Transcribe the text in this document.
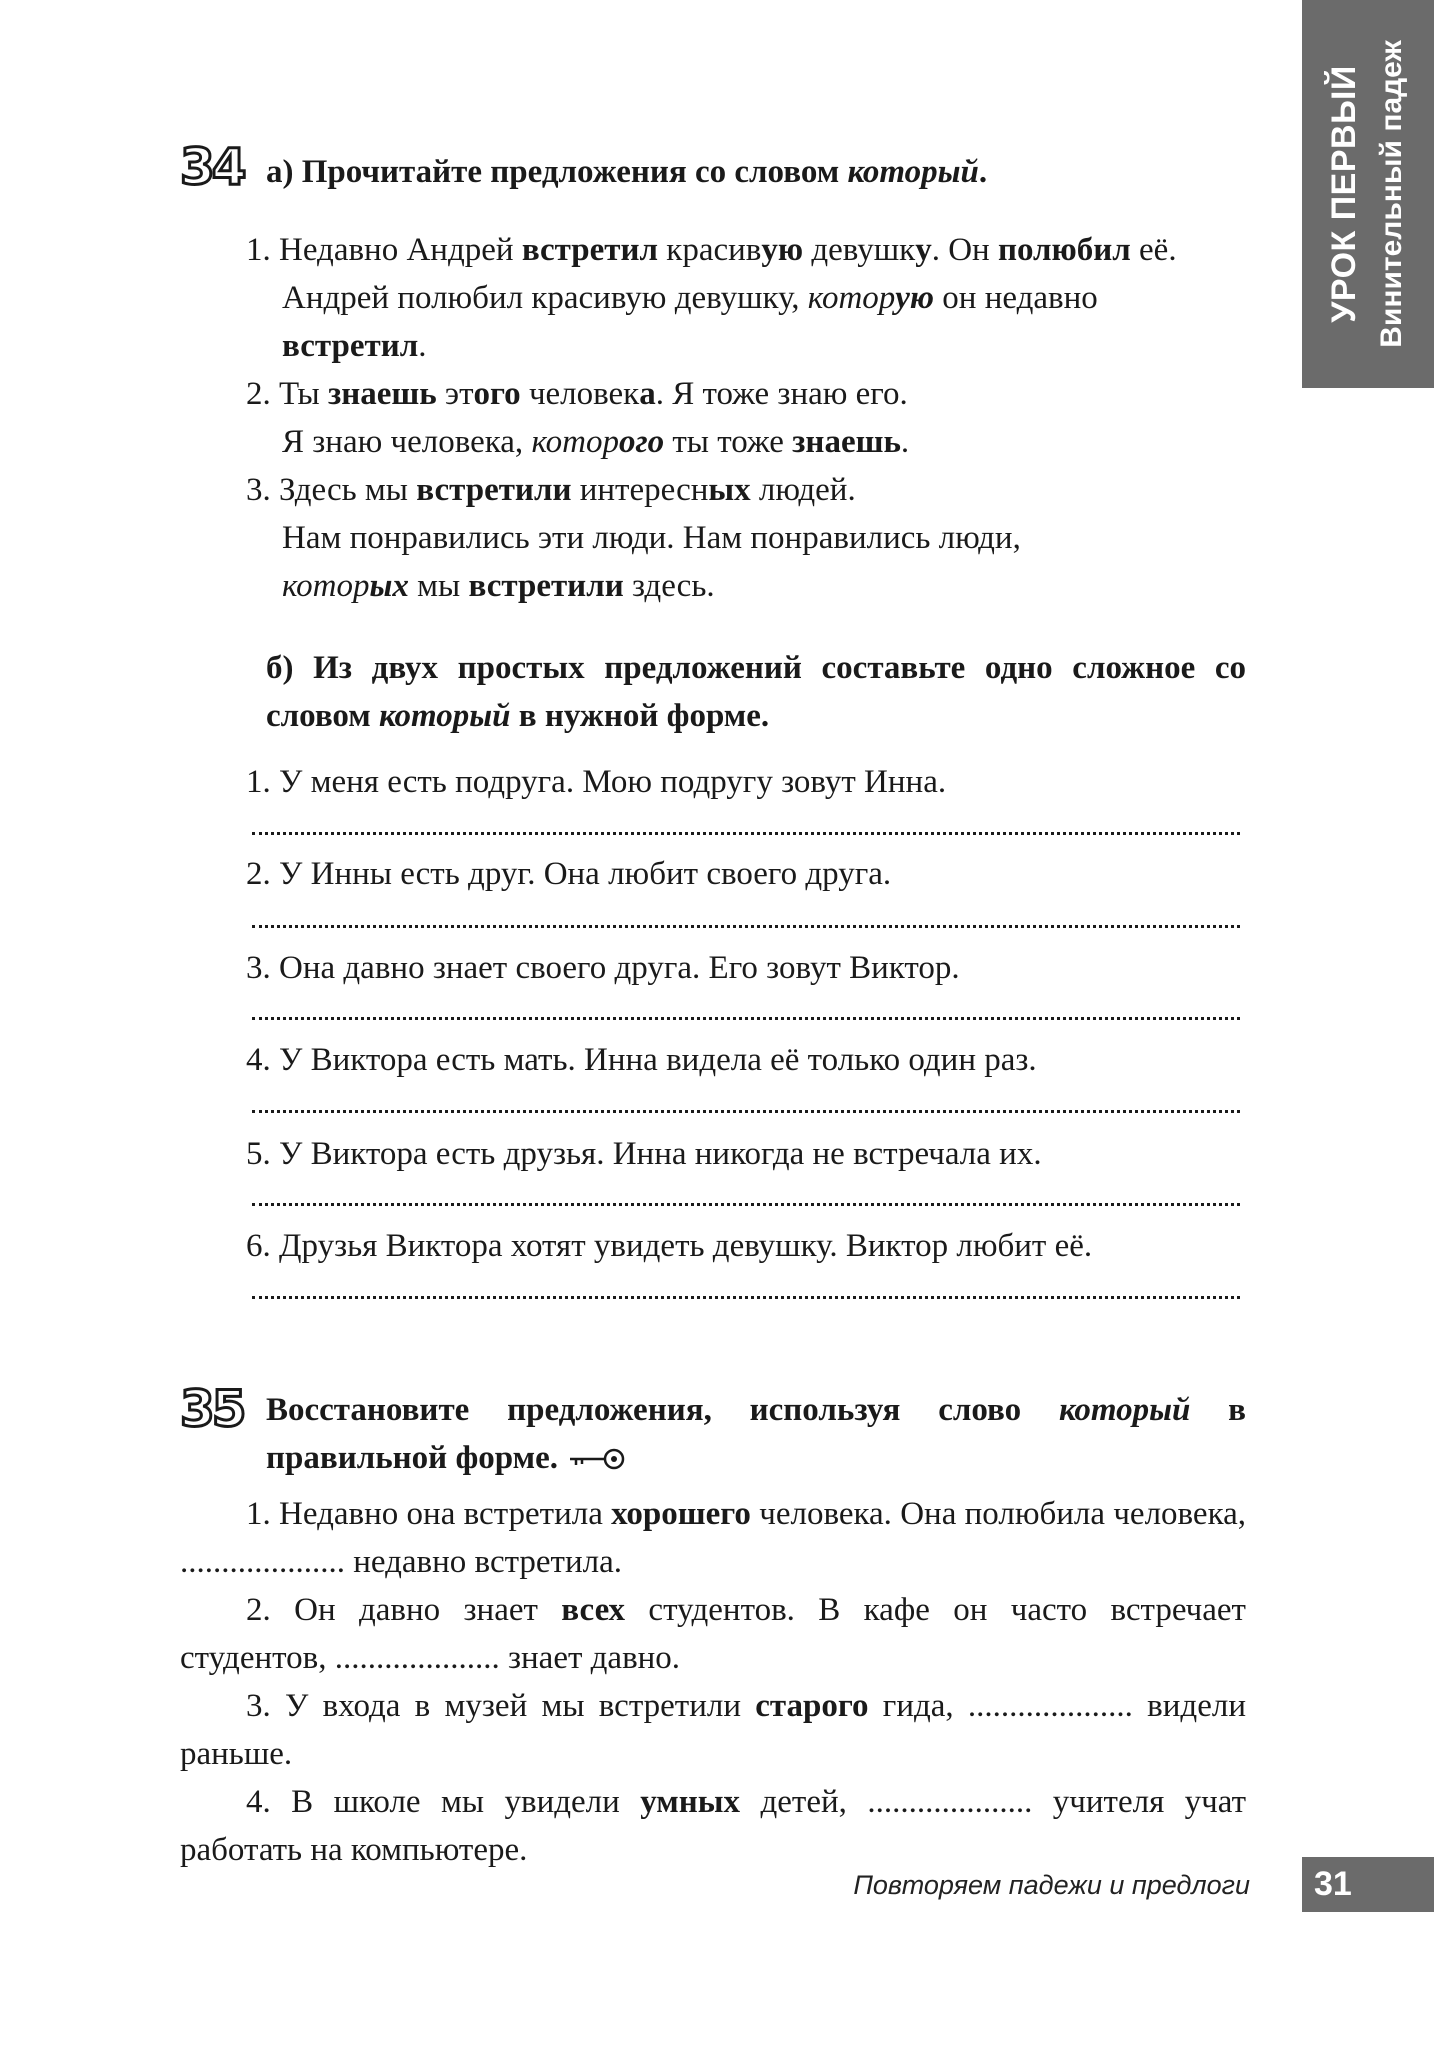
УРОК ПЕРВЫЙ Винительный падеж
34 а) Прочитайте предложения со словом который.
1. Недавно Андрей встретил красивую девушку. Он полюбил её.
Андрей полюбил красивую девушку, которую он недавно
встретил.
2. Ты знаешь этого человека. Я тоже знаю его.
Я знаю человека, которого ты тоже знаешь.
3. Здесь мы встретили интересных людей.
Нам понравились эти люди. Нам понравились люди,
которых мы встретили здесь.
б) Из двух простых предложений составьте одно сложное со словом который в нужной форме.
1. У меня есть подруга. Мою подругу зовут Инна.
2. У Инны есть друг. Она любит своего друга.
3. Она давно знает своего друга. Его зовут Виктор.
4. У Виктора есть мать. Инна видела её только один раз.
5. У Виктора есть друзья. Инна никогда не встречала их.
6. Друзья Виктора хотят увидеть девушку. Виктор любит её.
35 Восстановите предложения, используя слово который в правильной форме.
1. Недавно она встретила хорошего человека. Она полюбила человека, .................... недавно встретила.
2. Он давно знает всех студентов. В кафе он часто встречает студентов, .................... знает давно.
3. У входа в музей мы встретили старого гида, .................... видели раньше.
4. В школе мы увидели умных детей, .................... учителя учат работать на компьютере.
Повторяем падежи и предлоги	31
